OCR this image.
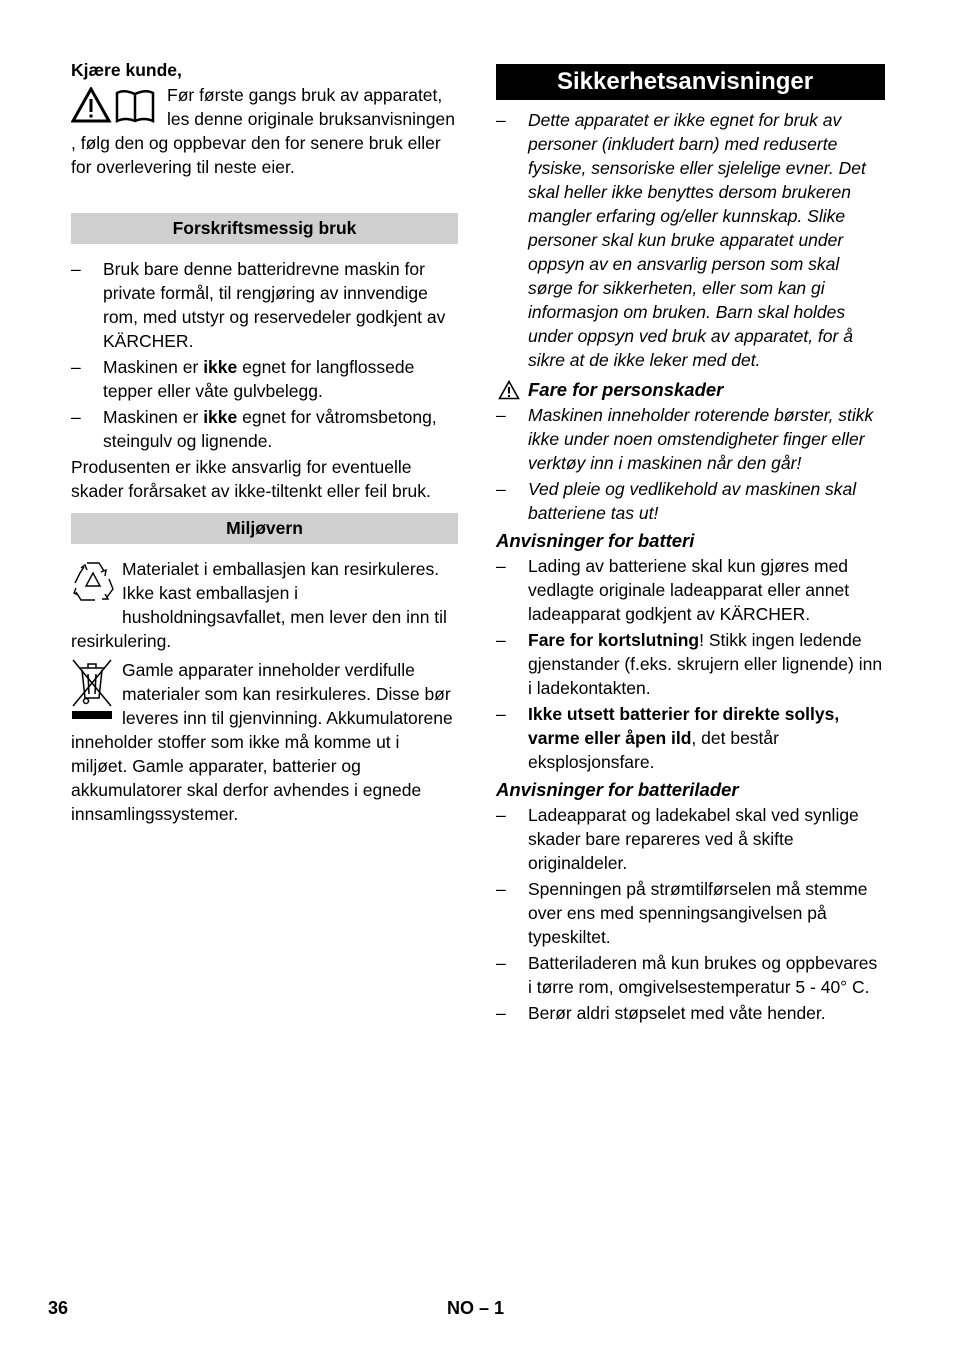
Kjære kunde,

Før første gangs bruk av apparatet, les denne originale bruksanvisningen , følg den og oppbevar den for senere bruk eller for overlevering til neste eier.
Forskriftsmessig bruk
– Bruk bare denne batteridrevne maskin for private formål, til rengjøring av innvendige rom, med utstyr og reservedeler godkjent av KÄRCHER.
– Maskinen er ikke egnet for langflossede tepper eller våte gulvbelegg.
– Maskinen er ikke egnet for våtromsbetong, steingulv og lignende.

Produsenten er ikke ansvarlig for eventuelle skader forårsaket av ikke-tiltenkt eller feil bruk.

Miljøvern
Materialet i emballasjen kan resirkuleres. Ikke kast emballasjen i husholdningsavfallet, men lever den inn til resirkulering.
Gamle apparater inneholder verdifulle materialer som kan resirkuleres. Disse bør leveres inn til gjenvinning. Akkumulatorene inneholder stoffer som ikke må komme ut i miljøet. Gamle apparater, batterier og akkumulatorer skal derfor avhendes i egnede innsamlingssystemer.
Sikkerhetsanvisninger
– Dette apparatet er ikke egnet for bruk av personer (inkludert barn) med reduserte fysiske, sensoriske eller sjelelige evner. Det skal heller ikke benyttes dersom brukeren mangler erfaring og/eller kunnskap. Slike personer skal kun bruke apparatet under oppsyn av en ansvarlig person som skal sørge for sikkerheten, eller som kan gi informasjon om bruken. Barn skal holdes under oppsyn ved bruk av apparatet, for å sikre at de ikke leker med det.
Fare for personskader
– Maskinen inneholder roterende børster, stikk ikke under noen omstendigheter finger eller verktøy inn i maskinen når den går!
– Ved pleie og vedlikehold av maskinen skal batteriene tas ut!
Anvisninger for batteri
– Lading av batteriene skal kun gjøres med vedlagte originale ladeapparat eller annet ladeapparat godkjent av KÄRCHER.
– Fare for kortslutning! Stikk ingen ledende gjenstander (f.eks. skrujern eller lignende) inn i ladekontakten.
– Ikke utsett batterier for direkte sollys, varme eller åpen ild, det består eksplosjonsfare.
Anvisninger for batterilader
– Ladeapparat og ladekabel skal ved synlige skader bare repareres ved å skifte originaldeler.
– Spenningen på strømtilførselen må stemme over ens med spenningsangivelsen på typeskiltet.
– Batteriladeren må kun brukes og oppbevares i tørre rom, omgivelsestemperatur 5 - 40° C.
– Berør aldri støpselet med våte hender.
36	NO – 1
